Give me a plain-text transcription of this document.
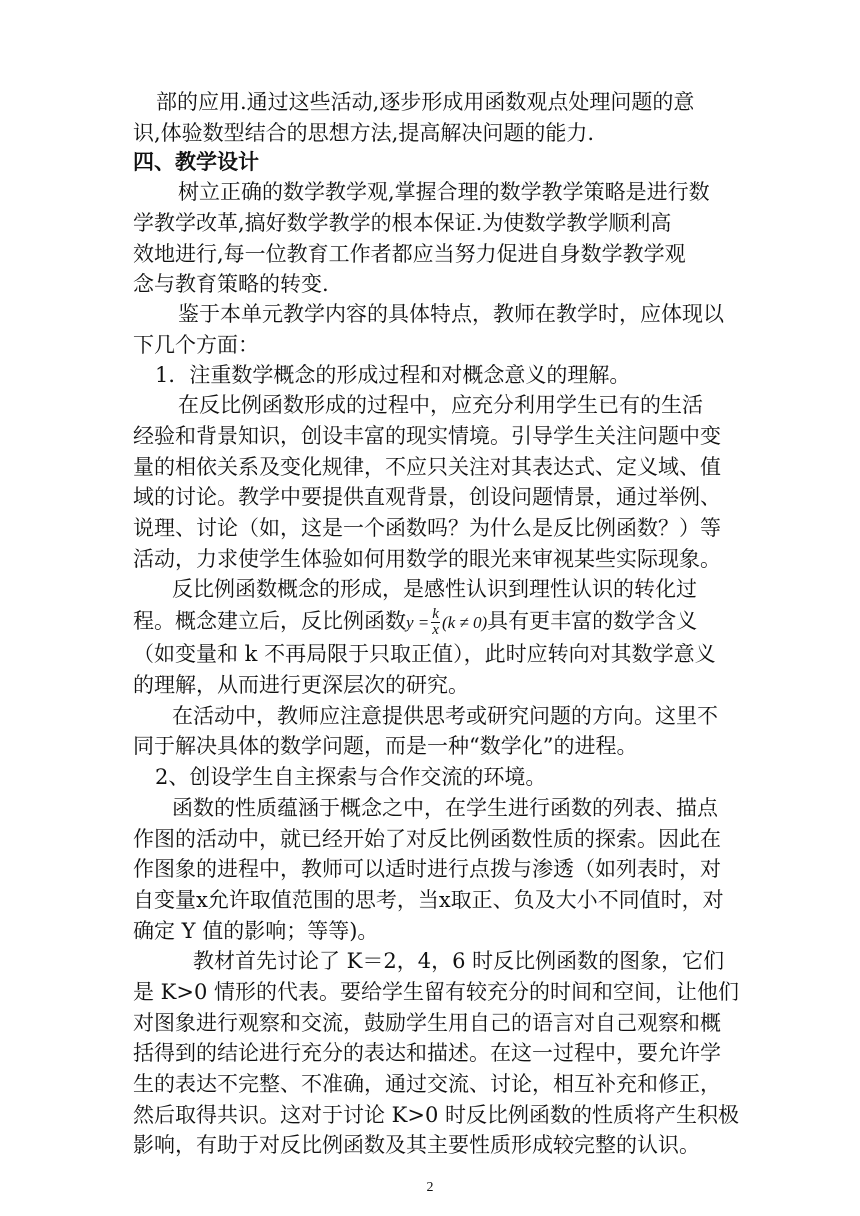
部的应用.通过这些活动,逐步形成用函数观点处理问题的意
识,体验数型结合的思想方法,提高解决问题的能力.
四、教学设计
树立正确的数学教学观,掌握合理的数学教学策略是进行数
学教学改革,搞好数学教学的根本保证.为使数学教学顺利高
效地进行,每一位教育工作者都应当努力促进自身数学教学观
念与教育策略的转变.
鉴于本单元教学内容的具体特点，教师在教学时，应体现以
下几个方面：
1．注重数学概念的形成过程和对概念意义的理解。
在反比例函数形成的过程中，应充分利用学生已有的生活
经验和背景知识，创设丰富的现实情境。引导学生关注问题中变
量的相依关系及变化规律，不应只关注对其表达式、定义域、值
域的讨论。教学中要提供直观背景，创设问题情景，通过举例、
说理、讨论（如，这是一个函数吗？为什么是反比例函数？）等
活动，力求使学生体验如何用数学的眼光来审视某些实际现象。
反比例函数概念的形成，是感性认识到理性认识的转化过
（如变量和 k 不再局限于只取正值），此时应转向对其数学意义
的理解，从而进行更深层次的研究。
在活动中，教师应注意提供思考或研究问题的方向。这里不
同于解决具体的数学问题，而是一种“数学化”的进程。
2、创设学生自主探索与合作交流的环境。
函数的性质蕴涵于概念之中，在学生进行函数的列表、描点
作图的活动中，就已经开始了对反比例函数性质的探索。因此在
作图象的进程中，教师可以适时进行点拨与渗透（如列表时，对
自变量x允许取值范围的思考，当x取正、负及大小不同值时，对
确定 Y 值的影响；等等)。
教材首先讨论了 K＝2，4，6 时反比例函数的图象，它们
是 K>0 情形的代表。要给学生留有较充分的时间和空间，让他们
对图象进行观察和交流，鼓励学生用自己的语言对自己观察和概
括得到的结论进行充分的表达和描述。在这一过程中，要允许学
生的表达不完整、不准确，通过交流、讨论，相互补充和修正，
然后取得共识。这对于讨论 K>0 时反比例函数的性质将产生积极
程。概念建立后，反比例函数$y = \frac{k}{x} (k \ne 0)$具有更丰富的数学含义
影响，有助于对反比例函数及其主要性质形成较完整的认识。
2
